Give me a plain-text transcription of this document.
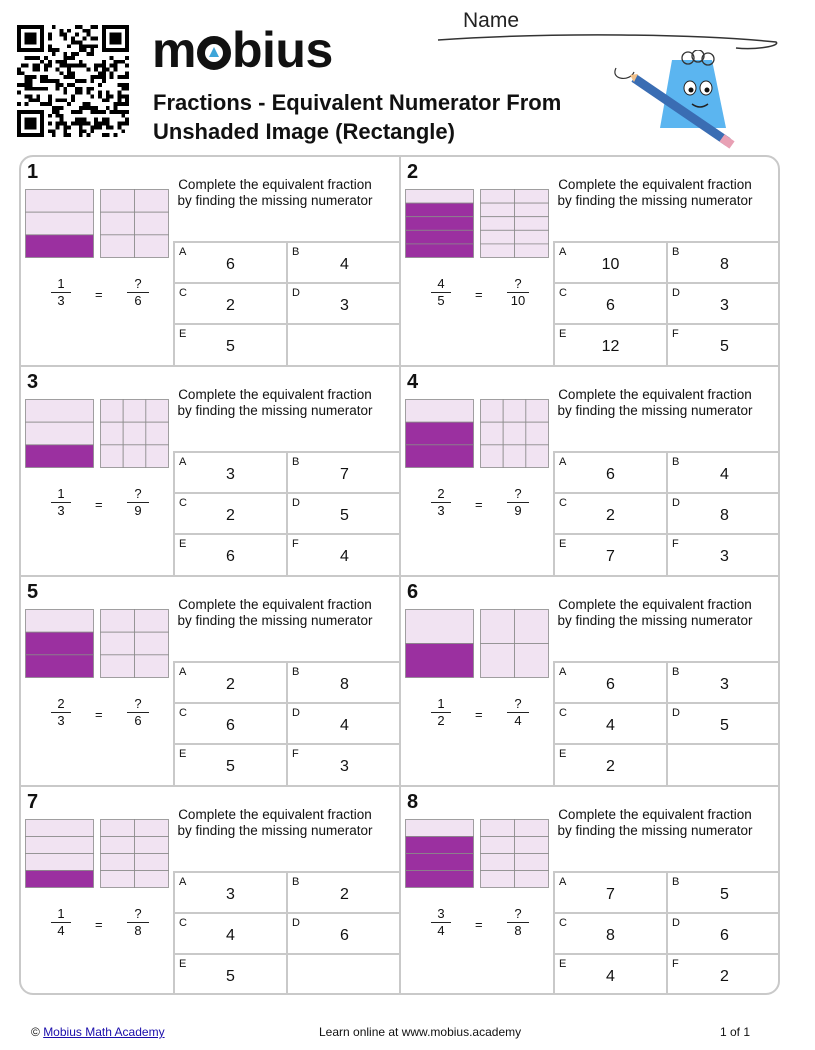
m bius
Fractions - Equivalent Numerator From
Unshaded Image (Rectangle)
Name
1
$\frac{1}{3}$ =
?
6
Complete the equivalent fraction by finding the missing numerator
A
6
B
4
C
2
D
3
E
5
2
$\frac{4}{5}$ =
?
10
Complete the equivalent fraction by finding the missing numerator
A
10
B
8
C
6
D
3
E
12
F
5
3
$\frac{1}{3}$ =
?
9
Complete the equivalent fraction by finding the missing numerator
A
3
B
7
C
2
D
5
E
6
F
4
4
$\frac{2}{3}$ =
?
9
Complete the equivalent fraction by finding the missing numerator
A
6
B
4
C
2
D
8
E
7
F
3
5
$\frac{2}{3}$ =
?
6
Complete the equivalent fraction by finding the missing numerator
A
2
B
8
C
6
D
4
E
5
F
3
6
$\frac{1}{2}$ =
?
4
Complete the equivalent fraction by finding the missing numerator
A
6
B
3
C
4
D
5
E
2
7
$\frac{1}{4}$ =
?
8
Complete the equivalent fraction by finding the missing numerator
A
3
B
2
C
4
D
6
E
5
8
$\frac{3}{4}$ =
?
8
Complete the equivalent fraction by finding the missing numerator
A
7
B
5
C
8
D
6
E
4
F
2
© Mobius Math Academy	Learn online at www.mobius.academy	1 of 1
